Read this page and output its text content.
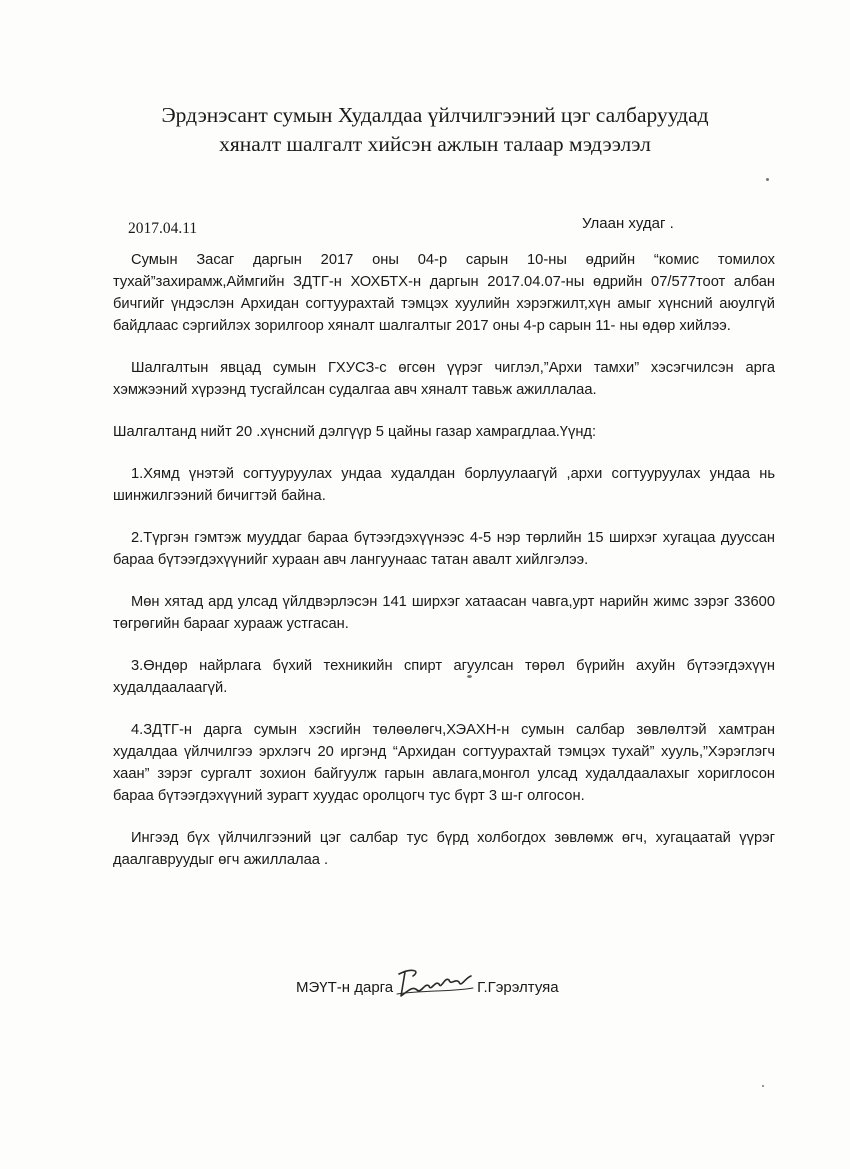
Эрдэнэсант сумын Худалдаа үйлчилгээний цэг салбаруудад
хяналт шалгалт хийсэн ажлын талаар мэдээлэл
2017.04.11	Улаан худаг .

Сумын Засаг даргын 2017 оны 04-р сарын 10-ны өдрийн “комис томилох тухай”захирамж,Аймгийн ЗДТГ-н ХОХБТХ-н даргын 2017.04.07-ны өдрийн 07/577тоот албан бичгийг үндэслэн Архидан согтуурахтай тэмцэх хуулийн хэрэгжилт,хүн амыг хүнсний аюулгүй байдлаас сэргийлэх зорилгоор хяналт шалгалтыг 2017 оны 4-р сарын 11- ны өдөр хийлээ.

Шалгалтын явцад сумын ГХУСЗ-с өгсөн үүрэг чиглэл,”Архи тамхи” хэсэгчилсэн арга хэмжээний хүрээнд тусгайлсан судалгаа авч хяналт тавьж ажиллалаа.

Шалгалтанд нийт 20 .хүнсний дэлгүүр 5 цайны газар хамрагдлаа.Үүнд:

1.Хямд үнэтэй согтууруулах ундаа худалдан борлуулаагүй ,архи согтууруулах ундаа нь шинжилгээний бичигтэй байна.

2.Түргэн гэмтэж мууддаг бараа бүтээгдэхүүнээс 4-5 нэр төрлийн 15 ширхэг хугацаа дууссан бараа бүтээгдэхүүнийг хураан авч лангуунаас татан авалт хийлгэлээ.

Мөн хятад ард улсад үйлдвэрлэсэн 141 ширхэг хатаасан чавга,урт нарийн жимс зэрэг 33600 төгрөгийн барааг хураaж устгасан.

3.Өндөр найрлага бүхий техникийн спирт агуулсан төрөл бүрийн ахуйн бүтээгдэхүүн худалдаалаагүй.

4.ЗДТГ-н дарга сумын хэсгийн төлөөлөгч,ХЭАХН-н сумын салбар зөвлөлтэй хамтран худалдаа үйлчилгээ эрхлэгч 20 иргэнд “Архидан согтуурахтай тэмцэх тухай” хууль,”Хэрэглэгч хаан” зэрэг сургалт зохион байгуулж гарын авлага,монгол улсад худалдаалахыг хориглосон бараа бүтээгдэхүүний зурагт хуудас оролцогч тус бүрт 3 ш-г олгосон.

Ингээд бүх үйлчилгээний цэг салбар тус бүрд холбогдох зөвлөмж өгч, хугацаатай үүрэг даалгавруудыг өгч ажиллалаа .

МЭҮТ-н дарга	Г.Гэрэлтуяа
